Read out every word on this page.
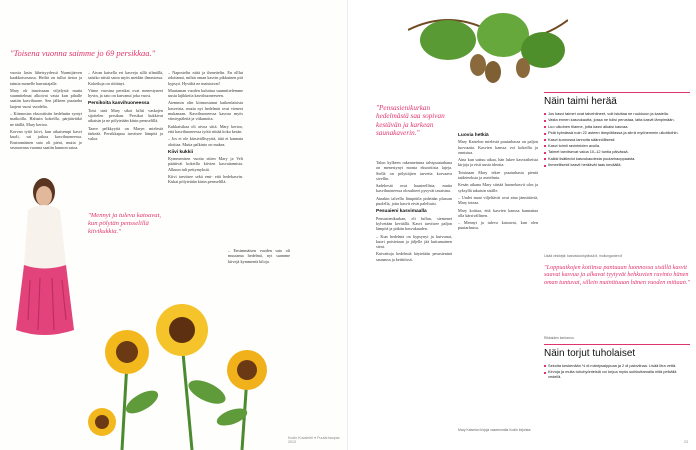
"Toisena vuonna saimme jo 69 persikkaa."

vuosia lasin läheisyydessä Nurmijärven kaakkoisosassa. Heiltä on tullut tietoa ja taimia monelle harrastajalle.

Mary oli innoissaan viljelystä mutta suunnitelmat alkoivat vasta kun pihalle saatiin kasvihuone. Sen jälkeen puutarha laajeni vuosi vuodelta.

– Kiinnostus eksoottisiin hedelmiin syntyi matkoilla. Halusin kokeilla, pärjäävätkö ne täällä, Mary kertoo.

Korvan tyttö kiivi, kun aikaisempi kasvi kuoli, sai jatkoa kasvihuoneessa. Ensimmäinen sato oli pieni, mutta jo seuraavana vuonna saatiin kunnon satoa.

– Aivan katsella eri kasveja sillä silmällä, saisiko niistä satoa myös meidän ilmastossa. Kokeiluja on riittänyt.

Viime vuosina persikat ovat menestyneet hyvin, ja sato on kasvanut joka vuosi.

Persikoita kasvihuoneessa

Toisi sinä Mary sikoi kiltti vaskojen sijoitelen persikan. Persikat kukkivat aikaisin ja ne pölytetään käsin pensselillä.

Taave pelkkyyttä on Maryn mielestä tärkeää. Persikkapuu tarvitsee lämpöä ja valoa.

– Napostelin niitä ja ihmettelin. En olllut odottanut, mihin oman kasvin pikkuinen piti kypsyä. Hyvältä ne maistuivat!

Muutaman vuoden kuluttua suunnittelemme uusia lajikkeita kasvihuoneeseen.

Aiemmin olin kiinnostunut kaikenlaisista kasveista, mutta nyt hedelmät ovat vieneet mukanaan. Kasvihuoneessa kasvaa myös viinirypäleitä ja viikunoita.

Kukkaisikaa oli aivoa siitä. Mary kertoo, että kasvihuoneessa työtä riittää koko kesän.

– Jos ei ole kärsivällisyyttä, tätä ei kannata aloittaa. Mutta palkinto on makea.

Kiivi kukkii

Kymmenisen vuotta sitten Mary ja Veli päättivät kokeilla kiivien kasvattamista. Alkuun tuli pettymyksiä.

Kiivi tarvitsee sekä emi- että hedekasvin. Kukat pölytetään käsin pensselillä.

– Ensimmäisen vuoden sato oli muutama hedelmä, nyt saamme kiivejä kymmeniä kiloja.

"Mennyt ja tuleva katoavat, kun pölytän pensselillä kiivikukkia."
Kodin Kuvalehti ● Puutarhaopas 2013
"Pensasienikurkan hedelmästä saa sopivan kestävän ja karkean saunakaverin."

Talon kylkeen rakennettuna talvipuutarhana on menestynyt monia eksoottisia lajeja. Siellä on pölyttäjien tarvetta korvaava sivellin.

Sadekesät ovat haasteellisia, mutta kasvihuoneessa olosuhteet pysyvät tasaisina.

Ainakin talvella lämpötila pidetään plussan puolella, jotta kasvit eivät paleltuisi.

Pesuaieni kasvimaalla

Pensasienikurkan, eli luffan, siemenet kylvetään keväällä. Kasvi tarvitsee paljon lämpöä ja pitkän kasvukauden.

– Kun hedelmä on kypsynyt ja kuivunut, kuori poistetaan ja jäljelle jää kuitumainen sieni.

Kuivattuja hedelmiä käytetään pesusieninä saunassa ja keittiössä.

Luovia hetkiä

Mary Kaiselon mielestä puutarhassa on paljon luovuutta. Kasvien kanssa voi kokeilla ja onnistua.

Aina kun sattuu aikaa, hän lukee kasviaiheisia kirjoja ja etsii uusia ideoita.

Toisinaan Mary tekee puutarhasta pieniä taideteoksia ja asetelmia.

Kesän aikana Mary siirtää huonekasvit ulos ja syksyllä takaisin sisälle.

– Uudet maat viljeltävät ovat aina jännittäviä, Mary toteaa.

Mary koittaa, että kasvien kanssa kannattaa olla kärsivällinen.

– Mennyt ja tuleva katoavat, kun olen puutarhassa.

Mary Kaiselon kirjoja vasemmalla Kodin kirjoista.
Näin taimi herää
Jos kasvi taimet ovat talvehtineet, voit istuttaa ne ruukkuun ja kastella.
Vasta ennen kasvukautta, jossa ne tulisi perustaa, laita kasvit lämpimään.
Luo ulkoinen tilanne, jotta kasvi alkaisi kasvaa.
Pidä kylmässä noin 22 asteen lämpötilassa ja siirrä myöhemmin ulkotiloihin.
Kasvi kunnossa lannoita säännöllisesti.
Kasvi toimii ravinteiden avulla.
Taimet tarvitsevat valoa 10–12 tuntia päivässä.
Kaikki lisätiedot kasvukaudesta puutarhaoppaasta.
Ihmeellisesti kasvit heräävät taas keväällä.
Lisää vinkkejä: kasvistoonkylässä.fi, mollungarden.fi
"Loppuaikojen kotiinsa pantuaan luonnossa sisällä kasvit saavat kasvua ja alkavat tyytyvät hehkuvien ravinto hänen oman tuntuvat, sillein mainittuaan hänen vuoden mittaan."
Rikkaiden kertomus
Näin torjut tuholaiset
Sekoita keskenään ½ dl mäntysaippuaa ja 2 dl paloviinaa. Lisää litra vettä.
Kirvoja ja muita tuhohyönteisiä voi torjua myös suihkuttamalla niitä pelkällä vedellä.
23
